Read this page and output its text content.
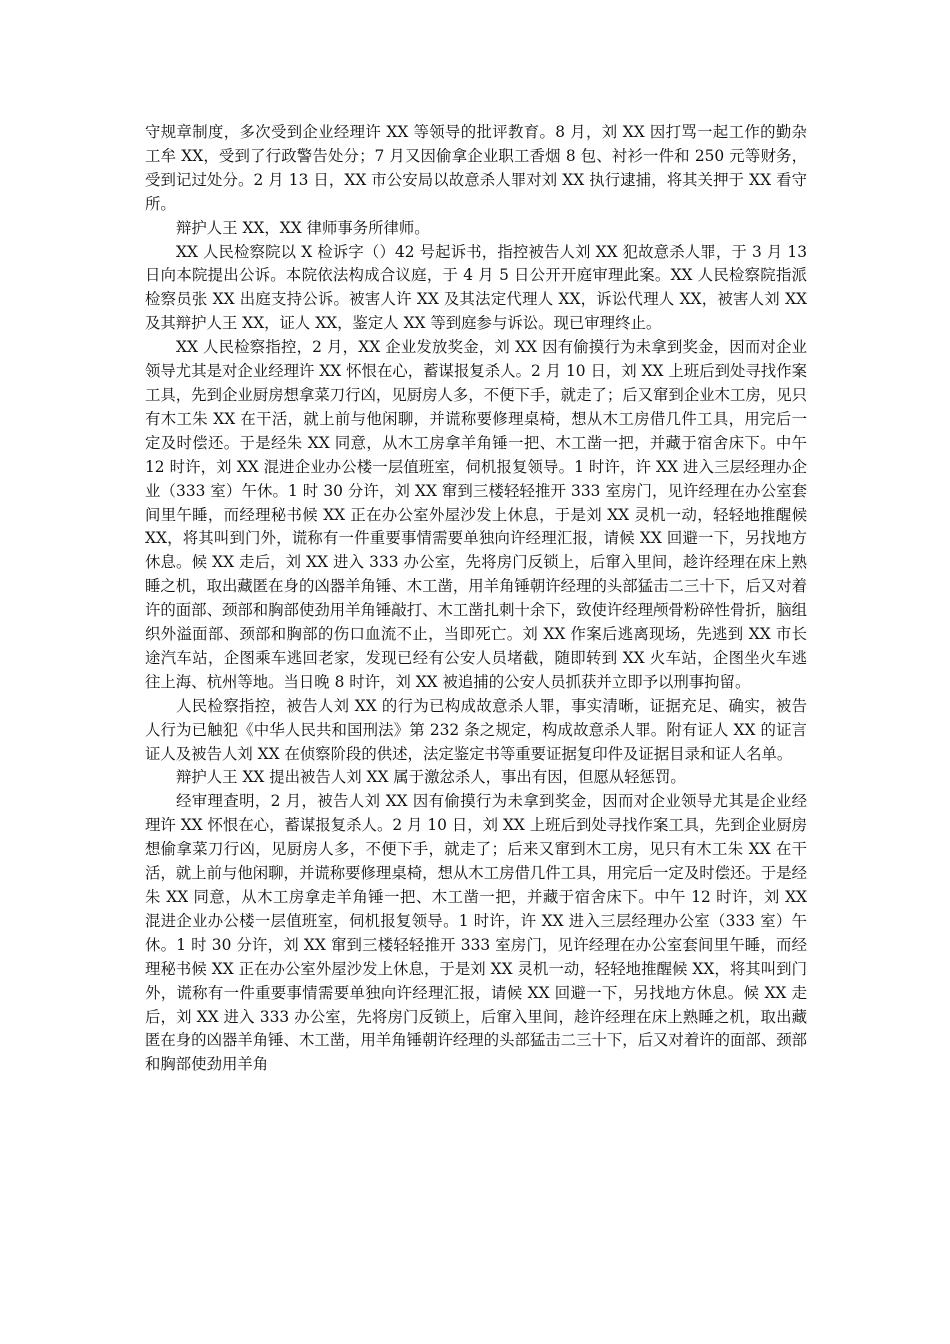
守规章制度，多次受到企业经理许 XX 等领导的批评教育。8 月，刘 XX 因打骂一起工作的勤杂工牟 XX，受到了行政警告处分；7 月又因偷拿企业职工香烟 8 包、衬衫一件和 250 元等财务，受到记过处分。2 月 13 日，XX 市公安局以故意杀人罪对刘 XX 执行逮捕，将其关押于 XX 看守所。

辩护人王 XX，XX 律师事务所律师。

XX 人民检察院以 X 检诉字（）42 号起诉书，指控被告人刘 XX 犯故意杀人罪，于 3 月 13 日向本院提出公诉。本院依法构成合议庭，于 4 月 5 日公开开庭审理此案。XX 人民检察院指派检察员张 XX 出庭支持公诉。被害人许 XX 及其法定代理人 XX，诉讼代理人 XX，被害人刘 XX 及其辩护人王 XX，证人 XX，鉴定人 XX 等到庭参与诉讼。现已审理终止。

XX 人民检察指控，2 月，XX 企业发放奖金，刘 XX 因有偷摸行为未拿到奖金，因而对企业领导尤其是对企业经理许 XX 怀恨在心，蓄谋报复杀人。2 月 10 日，刘 XX 上班后到处寻找作案工具，先到企业厨房想拿菜刀行凶，见厨房人多，不便下手，就走了；后又窜到企业木工房，见只有木工朱 XX 在干活，就上前与他闲聊，并谎称要修理桌椅，想从木工房借几件工具，用完后一定及时偿还。于是经朱 XX 同意，从木工房拿羊角锤一把、木工凿一把，并藏于宿舍床下。中午 12 时许，刘 XX 混进企业办公楼一层值班室，伺机报复领导。1 时许，许 XX 进入三层经理办企业（333 室）午休。1 时 30 分许，刘 XX 窜到三楼轻轻推开 333 室房门，见许经理在办公室套间里午睡，而经理秘书候 XX 正在办公室外屋沙发上休息，于是刘 XX 灵机一动，轻轻地推醒候 XX，将其叫到门外，谎称有一件重要事情需要单独向许经理汇报，请候 XX 回避一下，另找地方休息。候 XX 走后，刘 XX 进入 333 办公室，先将房门反锁上，后窜入里间，趁许经理在床上熟睡之机，取出藏匿在身的凶器羊角锤、木工凿，用羊角锤朝许经理的头部猛击二三十下，后又对着许的面部、颈部和胸部使劲用羊角锤敲打、木工凿扎刺十余下，致使许经理颅骨粉碎性骨折，脑组织外溢面部、颈部和胸部的伤口血流不止，当即死亡。刘 XX 作案后逃离现场，先逃到 XX 市长途汽车站，企图乘车逃回老家，发现已经有公安人员堵截，随即转到 XX 火车站，企图坐火车逃往上海、杭州等地。当日晚 8 时许，刘 XX 被追捕的公安人员抓获并立即予以刑事拘留。

人民检察指控，被告人刘 XX 的行为已构成故意杀人罪，事实清晰，证据充足、确实，被告人行为已触犯《中华人民共和国刑法》第 232 条之规定，构成故意杀人罪。附有证人 XX 的证言证人及被告人刘 XX 在侦察阶段的供述，法定鉴定书等重要证据复印件及证据目录和证人名单。

辩护人王 XX 提出被告人刘 XX 属于激忿杀人，事出有因，但愿从轻惩罚。

经审理查明，2 月，被告人刘 XX 因有偷摸行为未拿到奖金，因而对企业领导尤其是企业经理许 XX 怀恨在心，蓄谋报复杀人。2 月 10 日，刘 XX 上班后到处寻找作案工具，先到企业厨房想偷拿菜刀行凶，见厨房人多，不便下手，就走了；后来又窜到木工房，见只有木工朱 XX 在干活，就上前与他闲聊，并谎称要修理桌椅，想从木工房借几件工具，用完后一定及时偿还。于是经朱 XX 同意，从木工房拿走羊角锤一把、木工凿一把，并藏于宿舍床下。中午 12 时许，刘 XX 混进企业办公楼一层值班室，伺机报复领导。1 时许，许 XX 进入三层经理办公室（333 室）午休。1 时 30 分许，刘 XX 窜到三楼轻轻推开 333 室房门，见许经理在办公室套间里午睡，而经理秘书候 XX 正在办公室外屋沙发上休息，于是刘 XX 灵机一动，轻轻地推醒候 XX，将其叫到门外，谎称有一件重要事情需要单独向许经理汇报，请候 XX 回避一下，另找地方休息。候 XX 走后，刘 XX 进入 333 办公室，先将房门反锁上，后窜入里间，趁许经理在床上熟睡之机，取出藏匿在身的凶器羊角锤、木工凿，用羊角锤朝许经理的头部猛击二三十下，后又对着许的面部、颈部和胸部使劲用羊角
